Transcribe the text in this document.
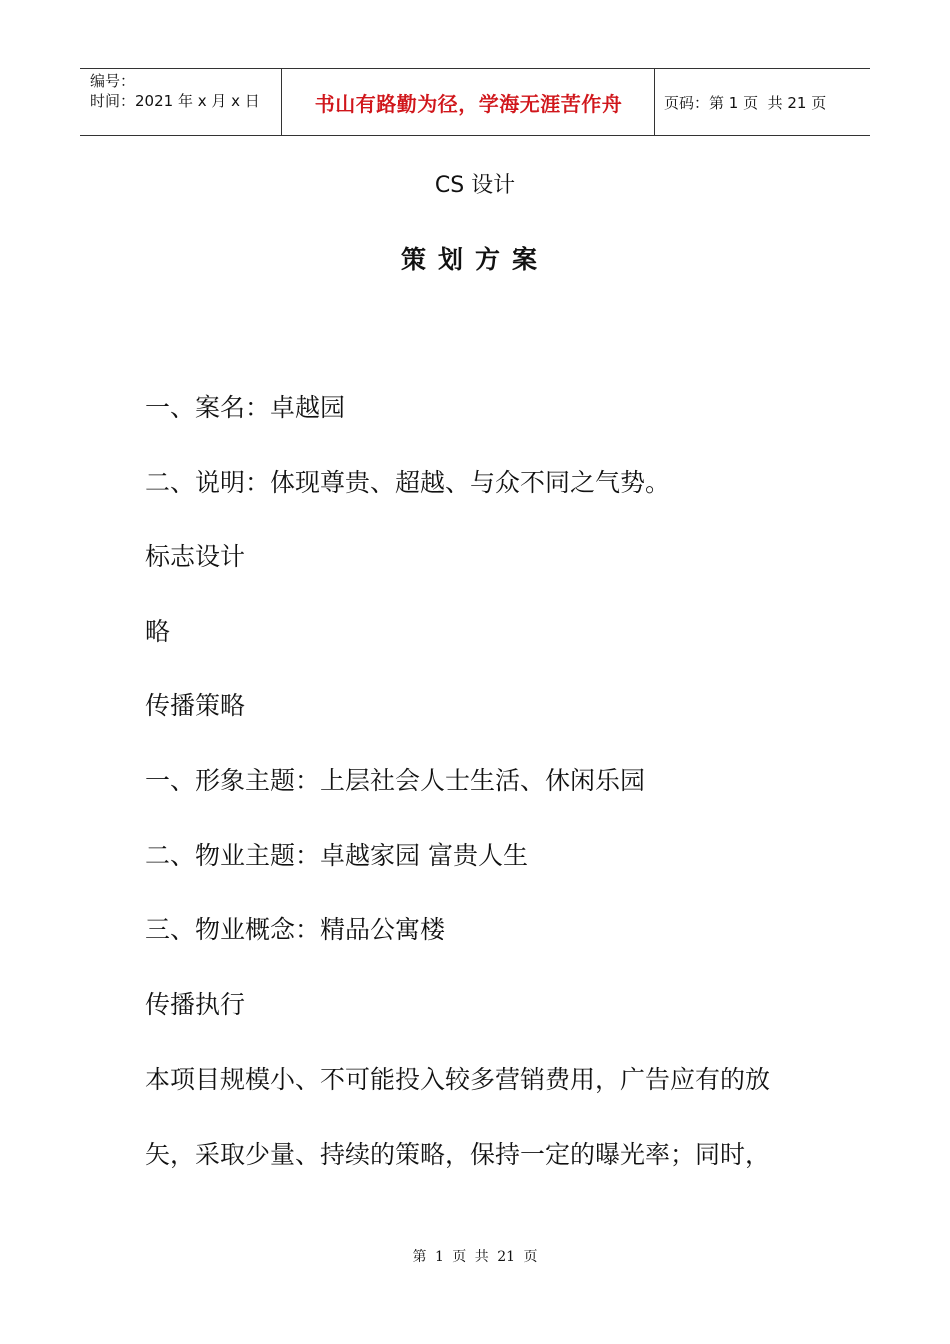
编号：
时间：2021 年 x 月 x 日	书山有路勤为径，学海无涯苦作舟	页码：第 1 页  共 21 页
CS 设计
策划方案
一、案名：卓越园
二、说明：体现尊贵、超越、与众不同之气势。
标志设计
略
传播策略
一、形象主题：上层社会人士生活、休闲乐园
二、物业主题：卓越家园 富贵人生
三、物业概念：精品公寓楼
传播执行
本项目规模小、不可能投入较多营销费用，广告应有的放
矢，采取少量、持续的策略，保持一定的曝光率；同时，
第 1 页 共 21 页
